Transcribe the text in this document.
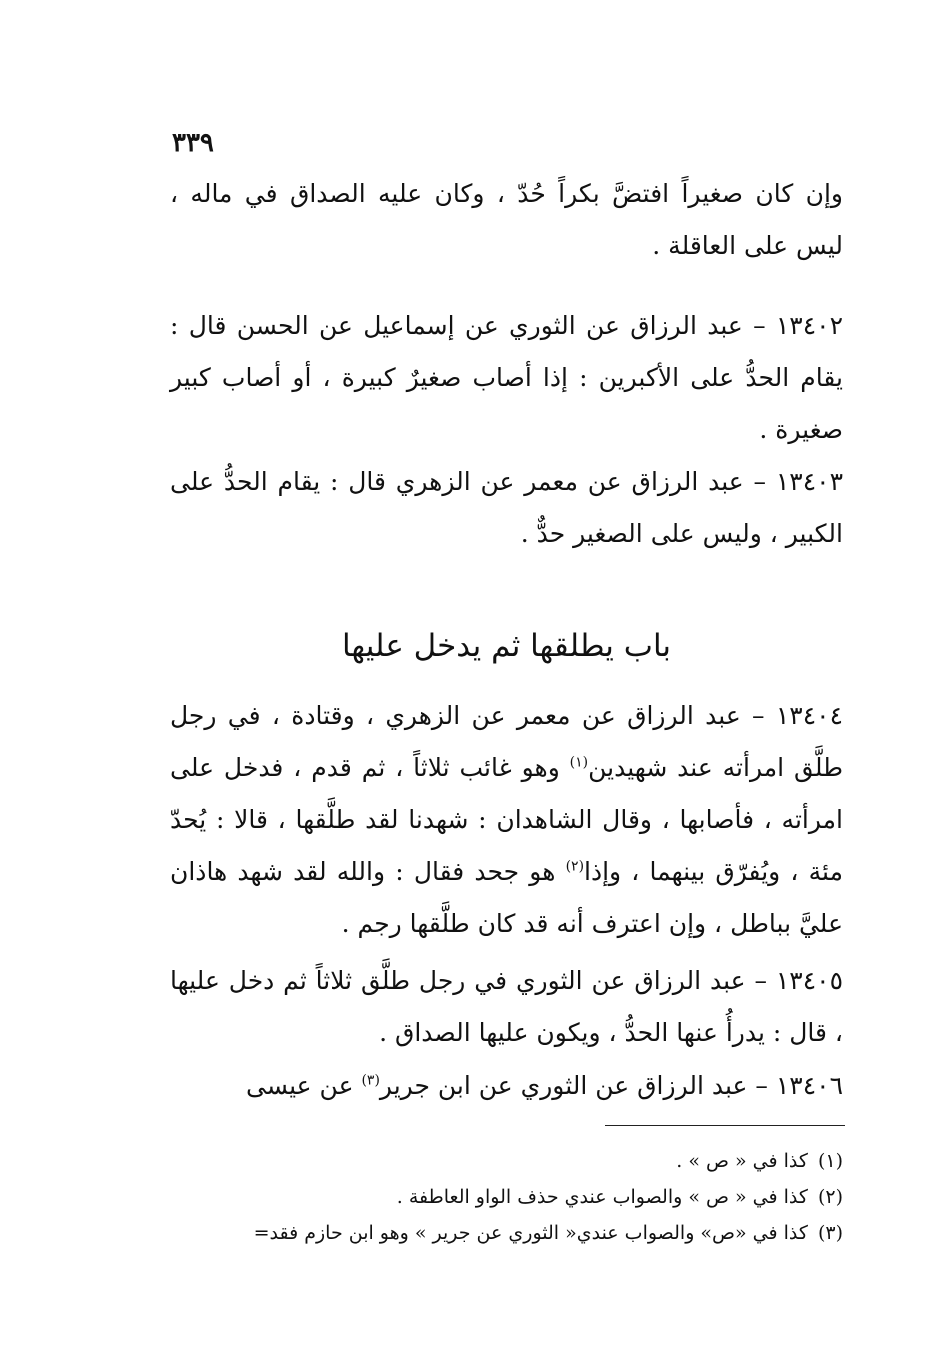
٣٣٩

وإن كان صغيراً افتضَّ بكراً حُدّ ، وكان عليه الصداق في ماله ، ليس على العاقلة .

١٣٤٠٢ – عبد الرزاق عن الثوري عن إسماعيل عن الحسن قال : يقام الحدُّ على الأكبرين : إذا أصاب صغيرٌ كبيرة ، أو أصاب كبير صغيرة .

١٣٤٠٣ – عبد الرزاق عن معمر عن الزهري قال : يقام الحدُّ على الكبير ، وليس على الصغير حدٌّ .

باب يطلقها ثم يدخل عليها

١٣٤٠٤ – عبد الرزاق عن معمر عن الزهري ، وقتادة ، في رجل طلَّق امرأته عند شهيدين$^{(١)}$ وهو غائب ثلاثاً ، ثم قدم ، فدخل على امرأته ، فأصابها ، وقال الشاهدان : شهدنا لقد طلَّقها ، قالا : يُحدّ مئة ، ويُفرّق بينهما ، وإذا$^{(٢)}$ هو جحد فقال : والله لقد شهد هاذان عليَّ بباطل ، وإن اعترف أنه قد كان طلَّقها رجم .

١٣٤٠٥ – عبد الرزاق عن الثوري في رجل طلَّق ثلاثاً ثم دخل عليها ، قال : يدرأُ عنها الحدُّ ، ويكون عليها الصداق .

١٣٤٠٦ – عبد الرزاق عن الثوري عن ابن جرير$^{(٣)}$ عن عيسى

(١)كذا في « ص » .
(٢)كذا في « ص » والصواب عندي حذف الواو العاطفة .
(٣)كذا في «ص» والصواب عندي« الثوري عن جرير » وهو ابن حازم فقد=
